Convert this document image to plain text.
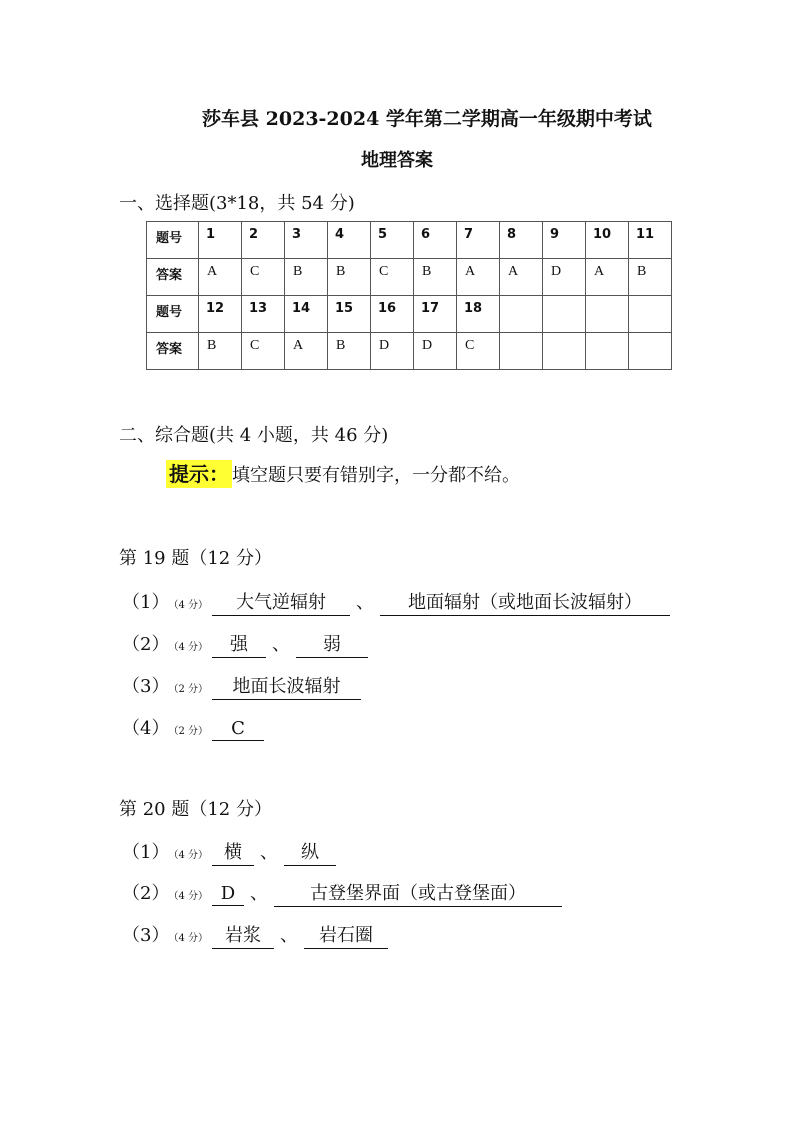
莎车县 2023-2024 学年第二学期高一年级期中考试
地理答案
一、选择题(3*18，共 54 分)
题号	1	2	3	4	5	6	7	8	9	10	11

答案	A	C	B	B	C	B	A	A	D	A	B

题号	12	13	14	15	16	17	18				

答案	B	C	A	B	D	D	C				

二、综合题(共 4 小题，共 46 分)
提示： 填空题只要有错别字，一分都不给。
第 19 题（12 分）
（1） （4 分） 大气逆辐射 、 地面辐射（或地面长波辐射）
（2） （4 分） 强 、 弱
（3） （2 分） 地面长波辐射
（4） （2 分） C
第 20 题（12 分）
（1） （4 分） 横 、 纵
（2） （4 分） D 、 古登堡界面（或古登堡面）
（3） （4 分） 岩浆 、 岩石圈
